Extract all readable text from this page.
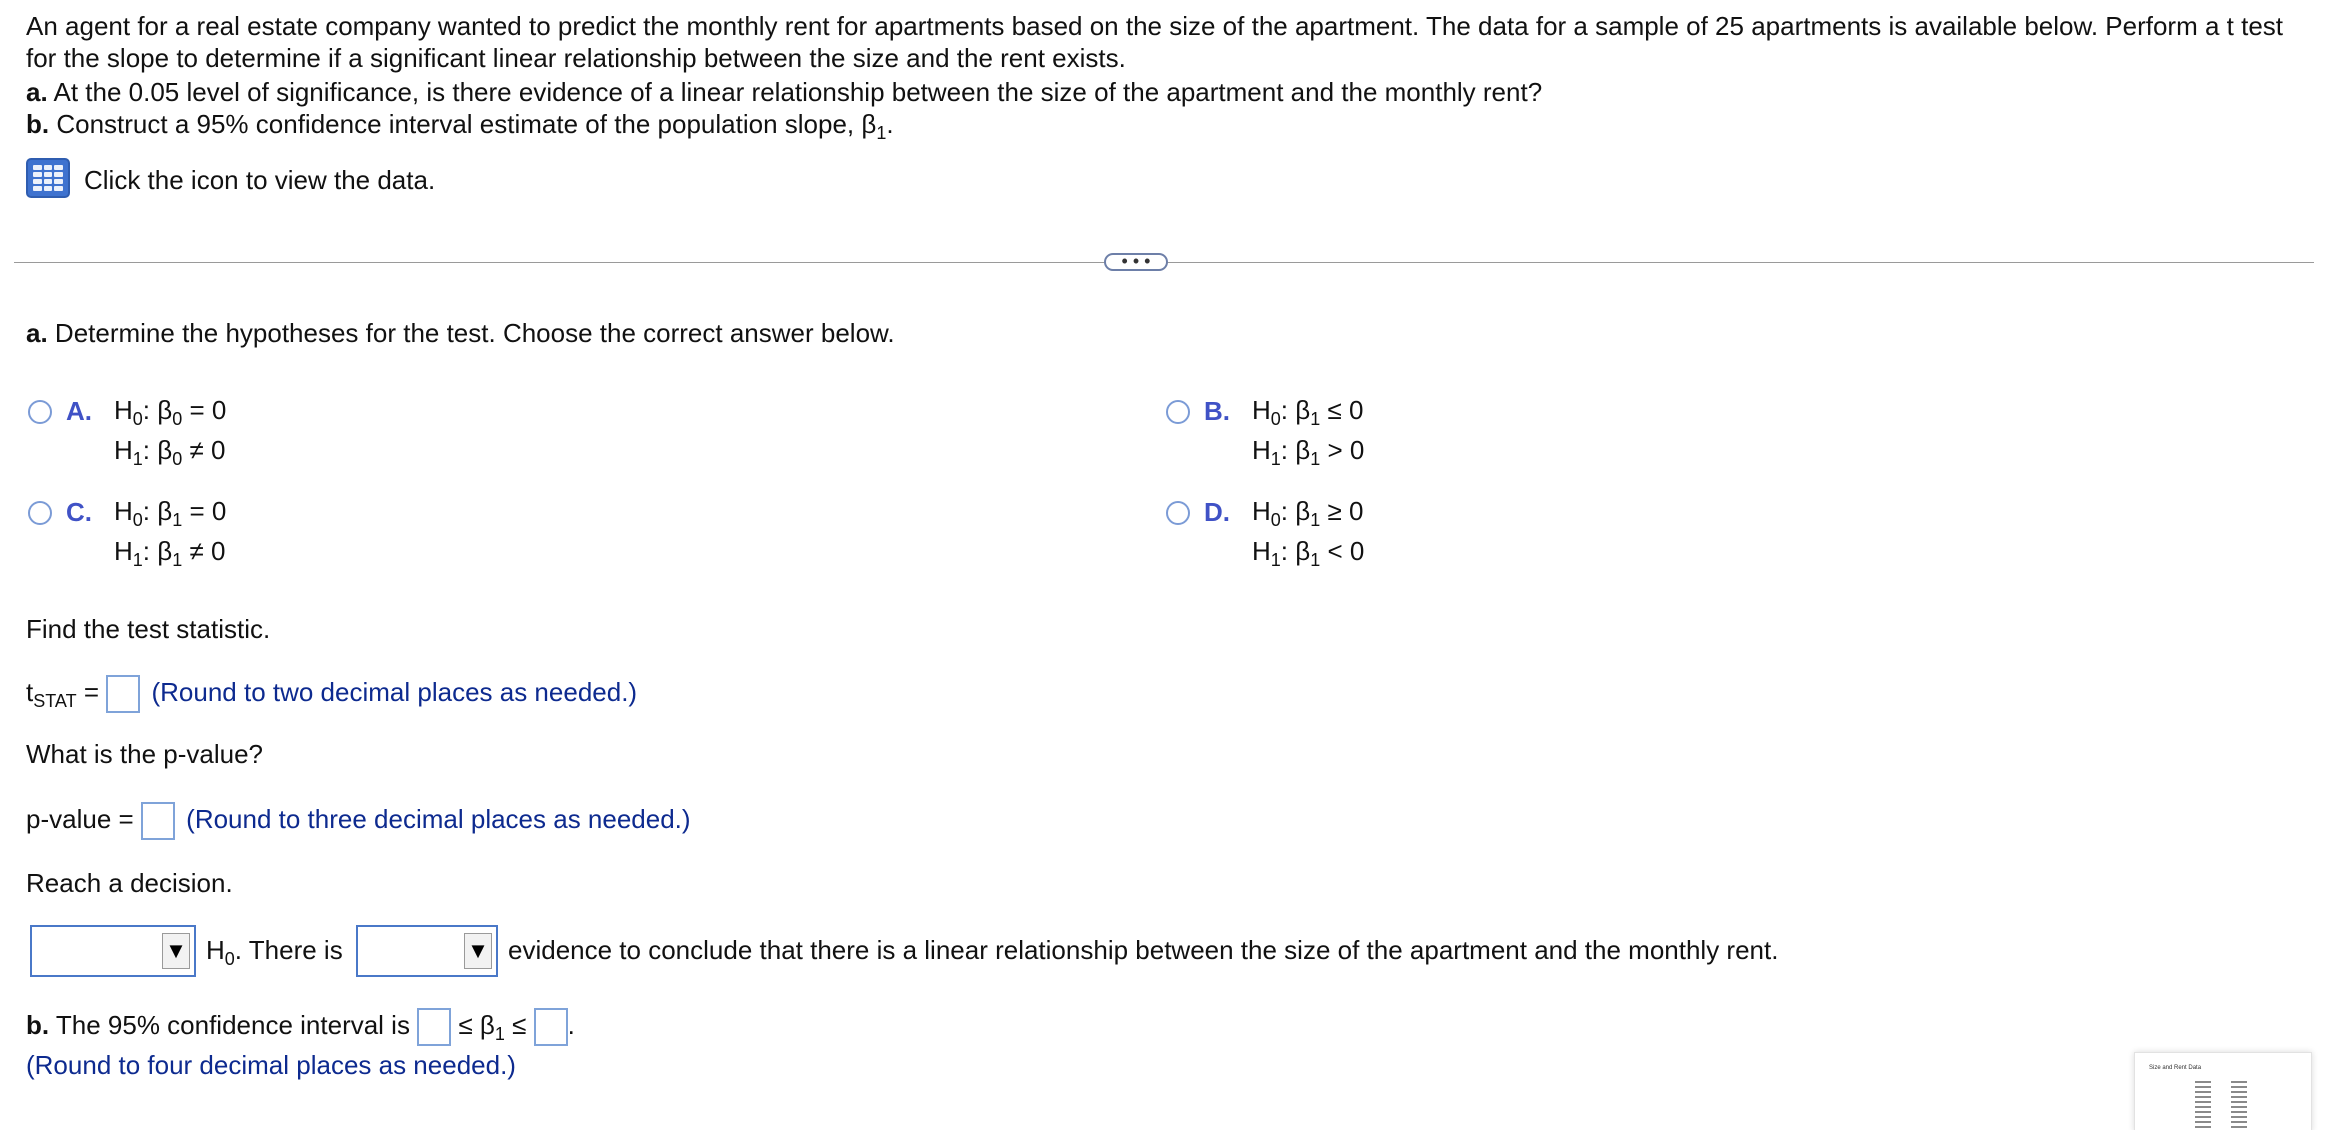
An agent for a real estate company wanted to predict the monthly rent for apartments based on the size of the apartment. The data for a sample of 25 apartments is available below. Perform a t test for the slope to determine if a significant linear relationship between the size and the rent exists.
a. At the 0.05 level of significance, is there evidence of a linear relationship between the size of the apartment and the monthly rent?
b. Construct a 95% confidence interval estimate of the population slope, $\beta_1$.
Click the icon to view the data.
• • •
a. Determine the hypotheses for the test. Choose the correct answer below.
A. $H_0$: $\beta_0 = 0$
$H_1$: $\beta_0 \ne 0$
B. $H_0$: $\beta_1 \le 0$
$H_1$: $\beta_1 > 0$
C. $H_0$: $\beta_1 = 0$
$H_1$: $\beta_1 \ne 0$
D. $H_0$: $\beta_1 \ge 0$
$H_1$: $\beta_1 < 0$
Find the test statistic.
$t_{STAT}$ = (Round to two decimal places as needed.)
What is the p-value?
p-value = (Round to three decimal places as needed.)
Reach a decision.
▼ $H_0$. There is	▼ evidence to conclude that there is a linear relationship between the size of the apartment and the monthly rent.
b. The 95% confidence interval is ≤ $\beta_1$ ≤ .
(Round to four decimal places as needed.)	Size and Rent Data
